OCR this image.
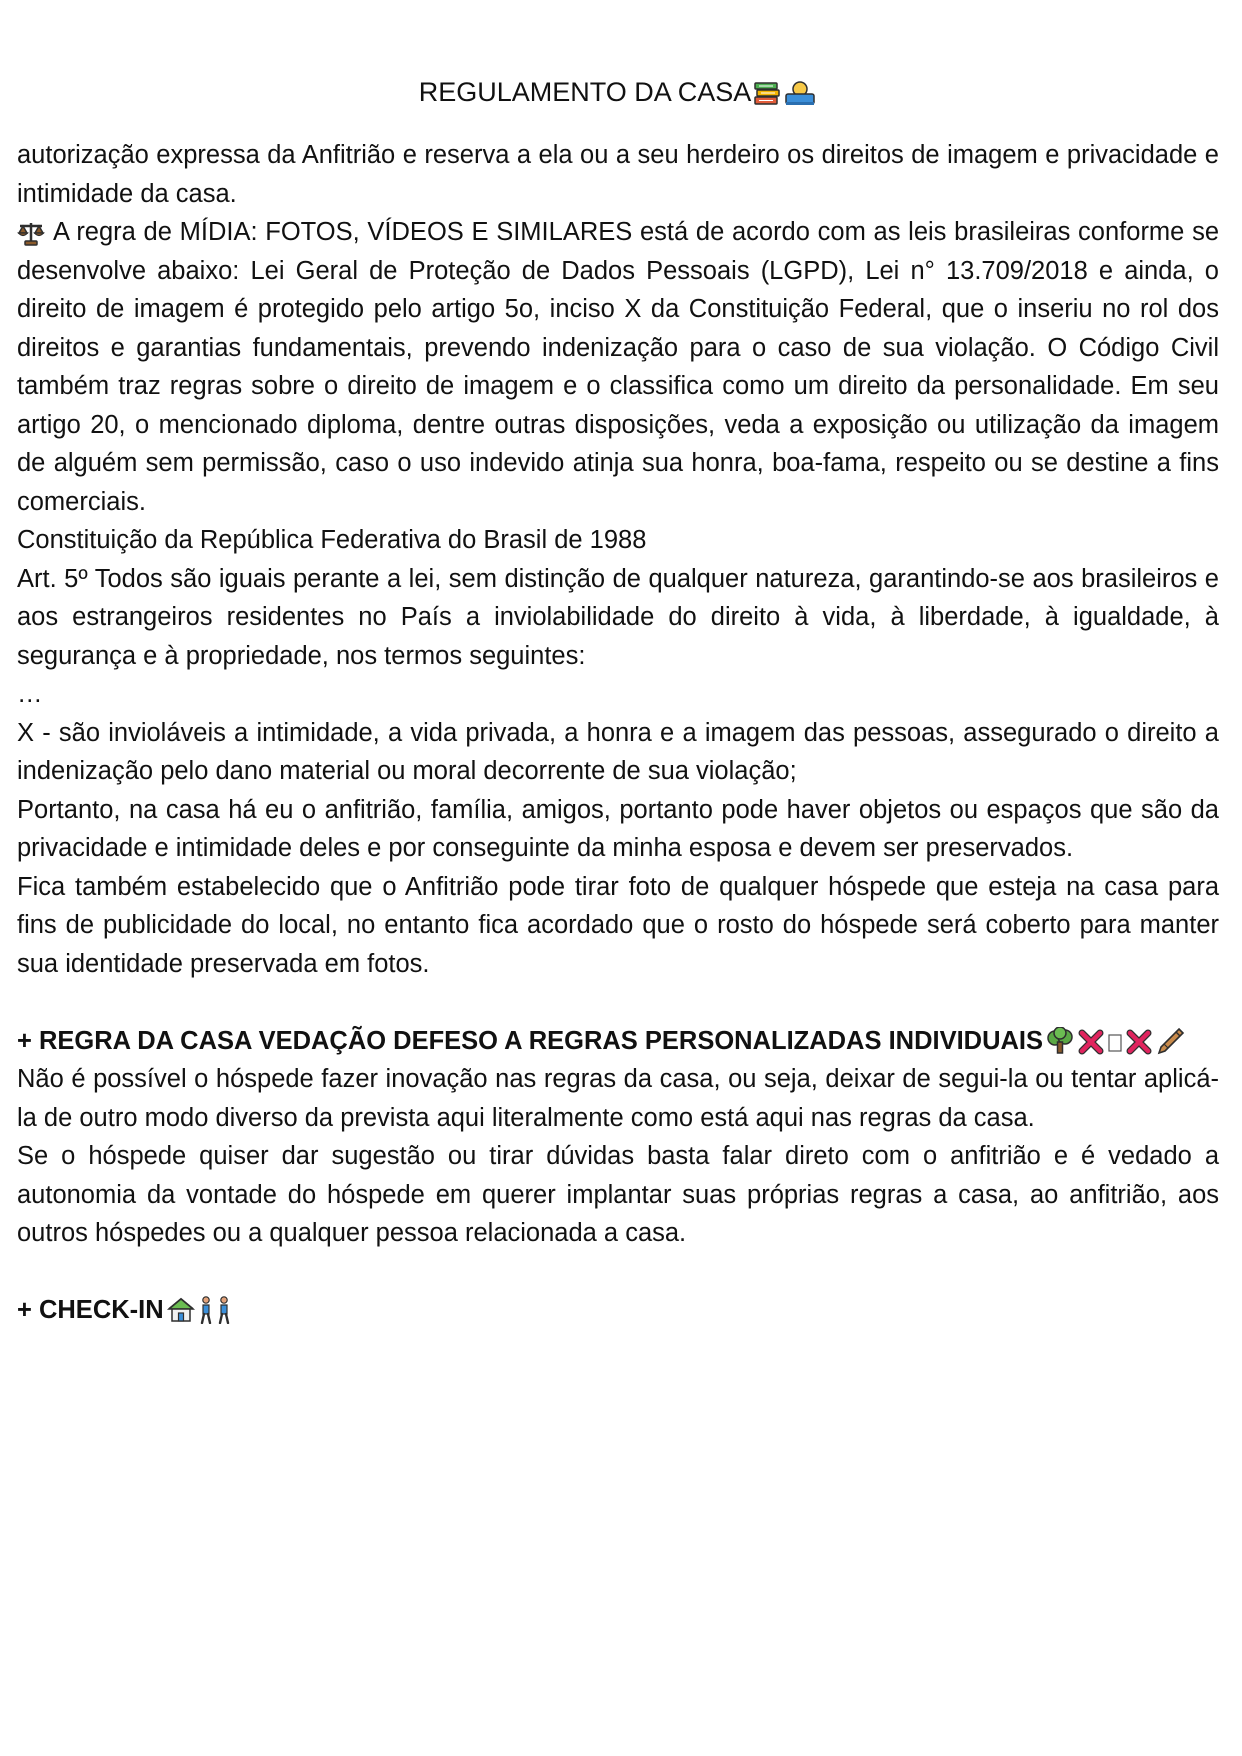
REGULAMENTO DA CASA

autorização expressa da Anfitrião e reserva a ela ou a seu herdeiro os direitos de imagem e privacidade e intimidade da casa.

A regra de MÍDIA: FOTOS, VÍDEOS E SIMILARES está de acordo com as leis brasileiras conforme se desenvolve abaixo: Lei Geral de Proteção de Dados Pessoais (LGPD), Lei n° 13.709/2018 e ainda, o direito de imagem é protegido pelo artigo 5o, inciso X da Constituição Federal, que o inseriu no rol dos direitos e garantias fundamentais, prevendo indenização para o caso de sua violação. O Código Civil também traz regras sobre o direito de imagem e o classifica como um direito da personalidade. Em seu artigo 20, o mencionado diploma, dentre outras disposições, veda a exposição ou utilização da imagem de alguém sem permissão, caso o uso indevido atinja sua honra, boa-fama, respeito ou se destine a fins comerciais.

Constituição da República Federativa do Brasil de 1988

Art. 5º Todos são iguais perante a lei, sem distinção de qualquer natureza, garantindo-se aos brasileiros e aos estrangeiros residentes no País a inviolabilidade do direito à vida, à liberdade, à igualdade, à segurança e à propriedade, nos termos seguintes:

…

X - são invioláveis a intimidade, a vida privada, a honra e a imagem das pessoas, assegurado o direito a indenização pelo dano material ou moral decorrente de sua violação;

Portanto, na casa há eu o anfitrião, família, amigos, portanto pode haver objetos ou espaços que são da privacidade e intimidade deles e por conseguinte da minha esposa e devem ser preservados.

Fica também estabelecido que o Anfitrião pode tirar foto de qualquer hóspede que esteja na casa para fins de publicidade do local, no entanto fica acordado que o rosto do hóspede será coberto para manter sua identidade preservada em fotos.

+ REGRA DA CASA VEDAÇÃO DEFESO A REGRAS PERSONALIZADAS INDIVIDUAIS

Não é possível o hóspede fazer inovação nas regras da casa, ou seja, deixar de segui-la ou tentar aplicá-la de outro modo diverso da prevista aqui literalmente como está aqui nas regras da casa.

Se o hóspede quiser dar sugestão ou tirar dúvidas basta falar direto com o anfitrião e é vedado a autonomia da vontade do hóspede em querer implantar suas próprias regras a casa, ao anfitrião, aos outros hóspedes ou a qualquer pessoa relacionada a casa.

+ CHECK-IN
